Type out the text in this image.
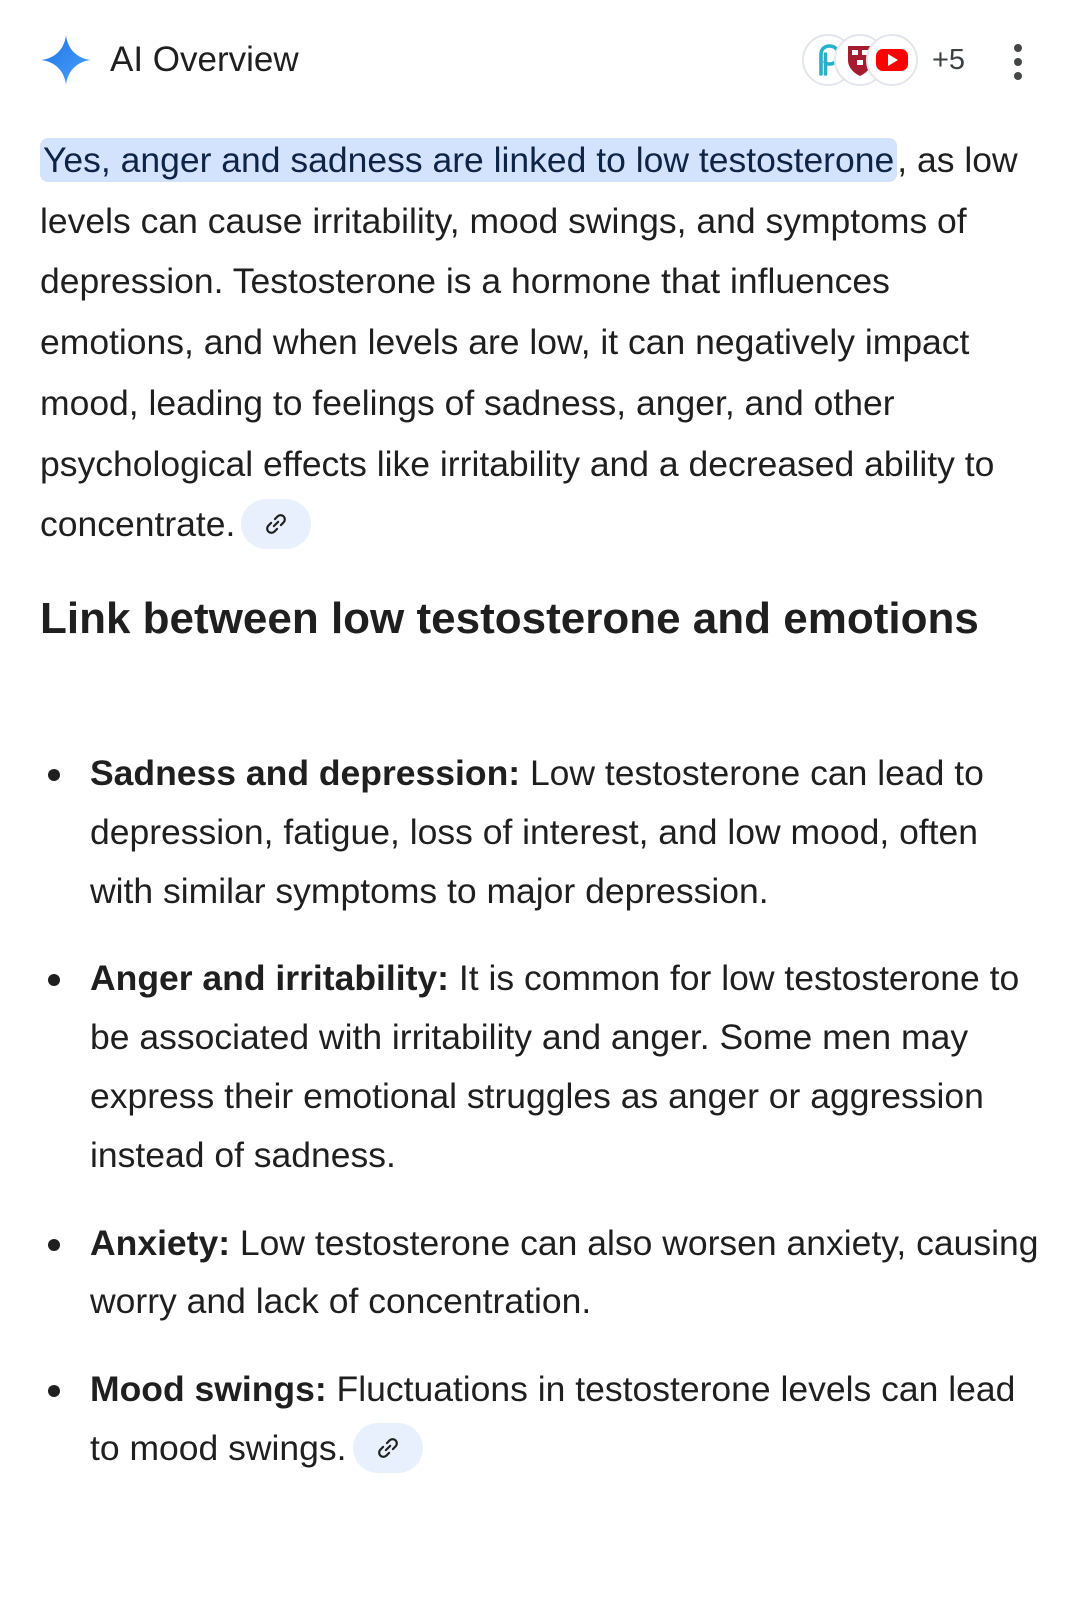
AI Overview	+5

Yes, anger and sadness are linked to low testosterone, as low levels can cause irritability, mood swings, and symptoms of depression. Testosterone is a hormone that influences emotions, and when levels are low, it can negatively impact mood, leading to feelings of sadness, anger, and other psychological effects like irritability and a decreased ability to concentrate.

Link between low testosterone and emotions
Sadness and depression: Low testosterone can lead to depression, fatigue, loss of interest, and low mood, often with similar symptoms to major depression.
Anger and irritability: It is common for low testosterone to be associated with irritability and anger. Some men may express their emotional struggles as anger or aggression instead of sadness.
Anxiety: Low testosterone can also worsen anxiety, causing worry and lack of concentration.
Mood swings: Fluctuations in testosterone levels can lead to mood swings.
